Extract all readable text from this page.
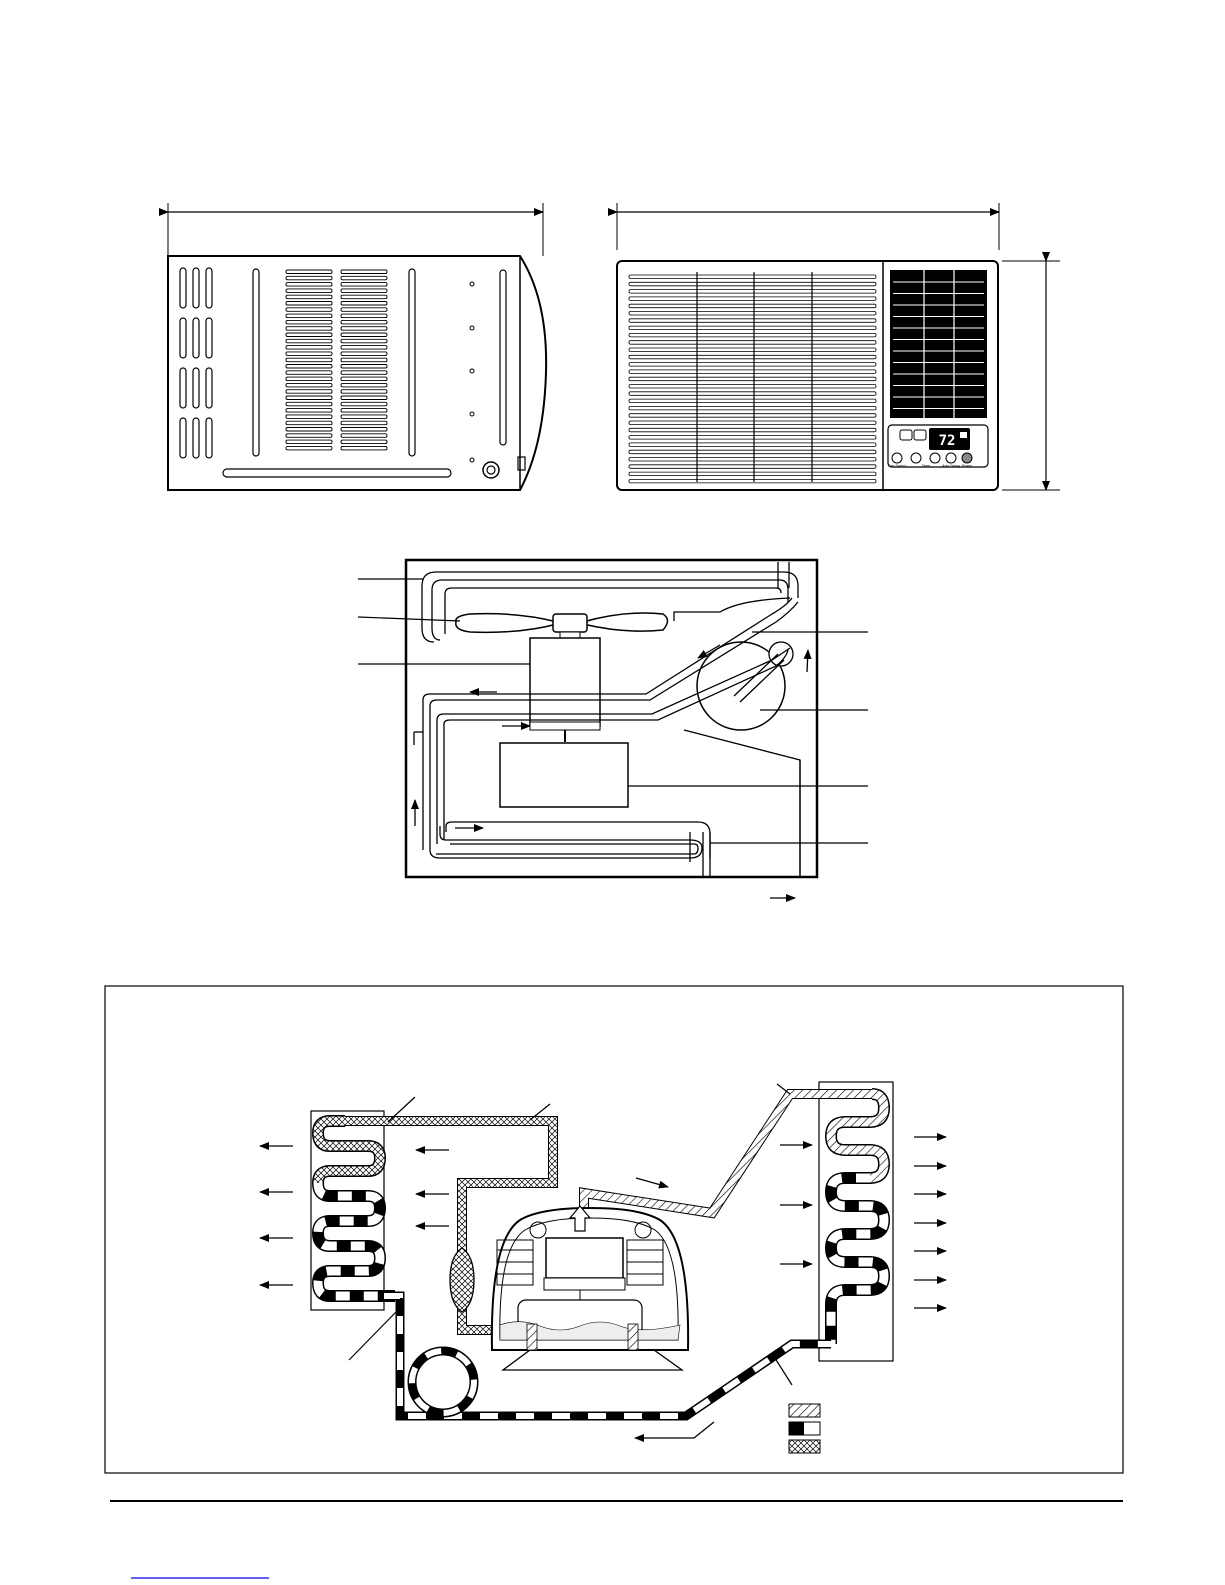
72
Fan Speed	Timer	Auto Swing Power
